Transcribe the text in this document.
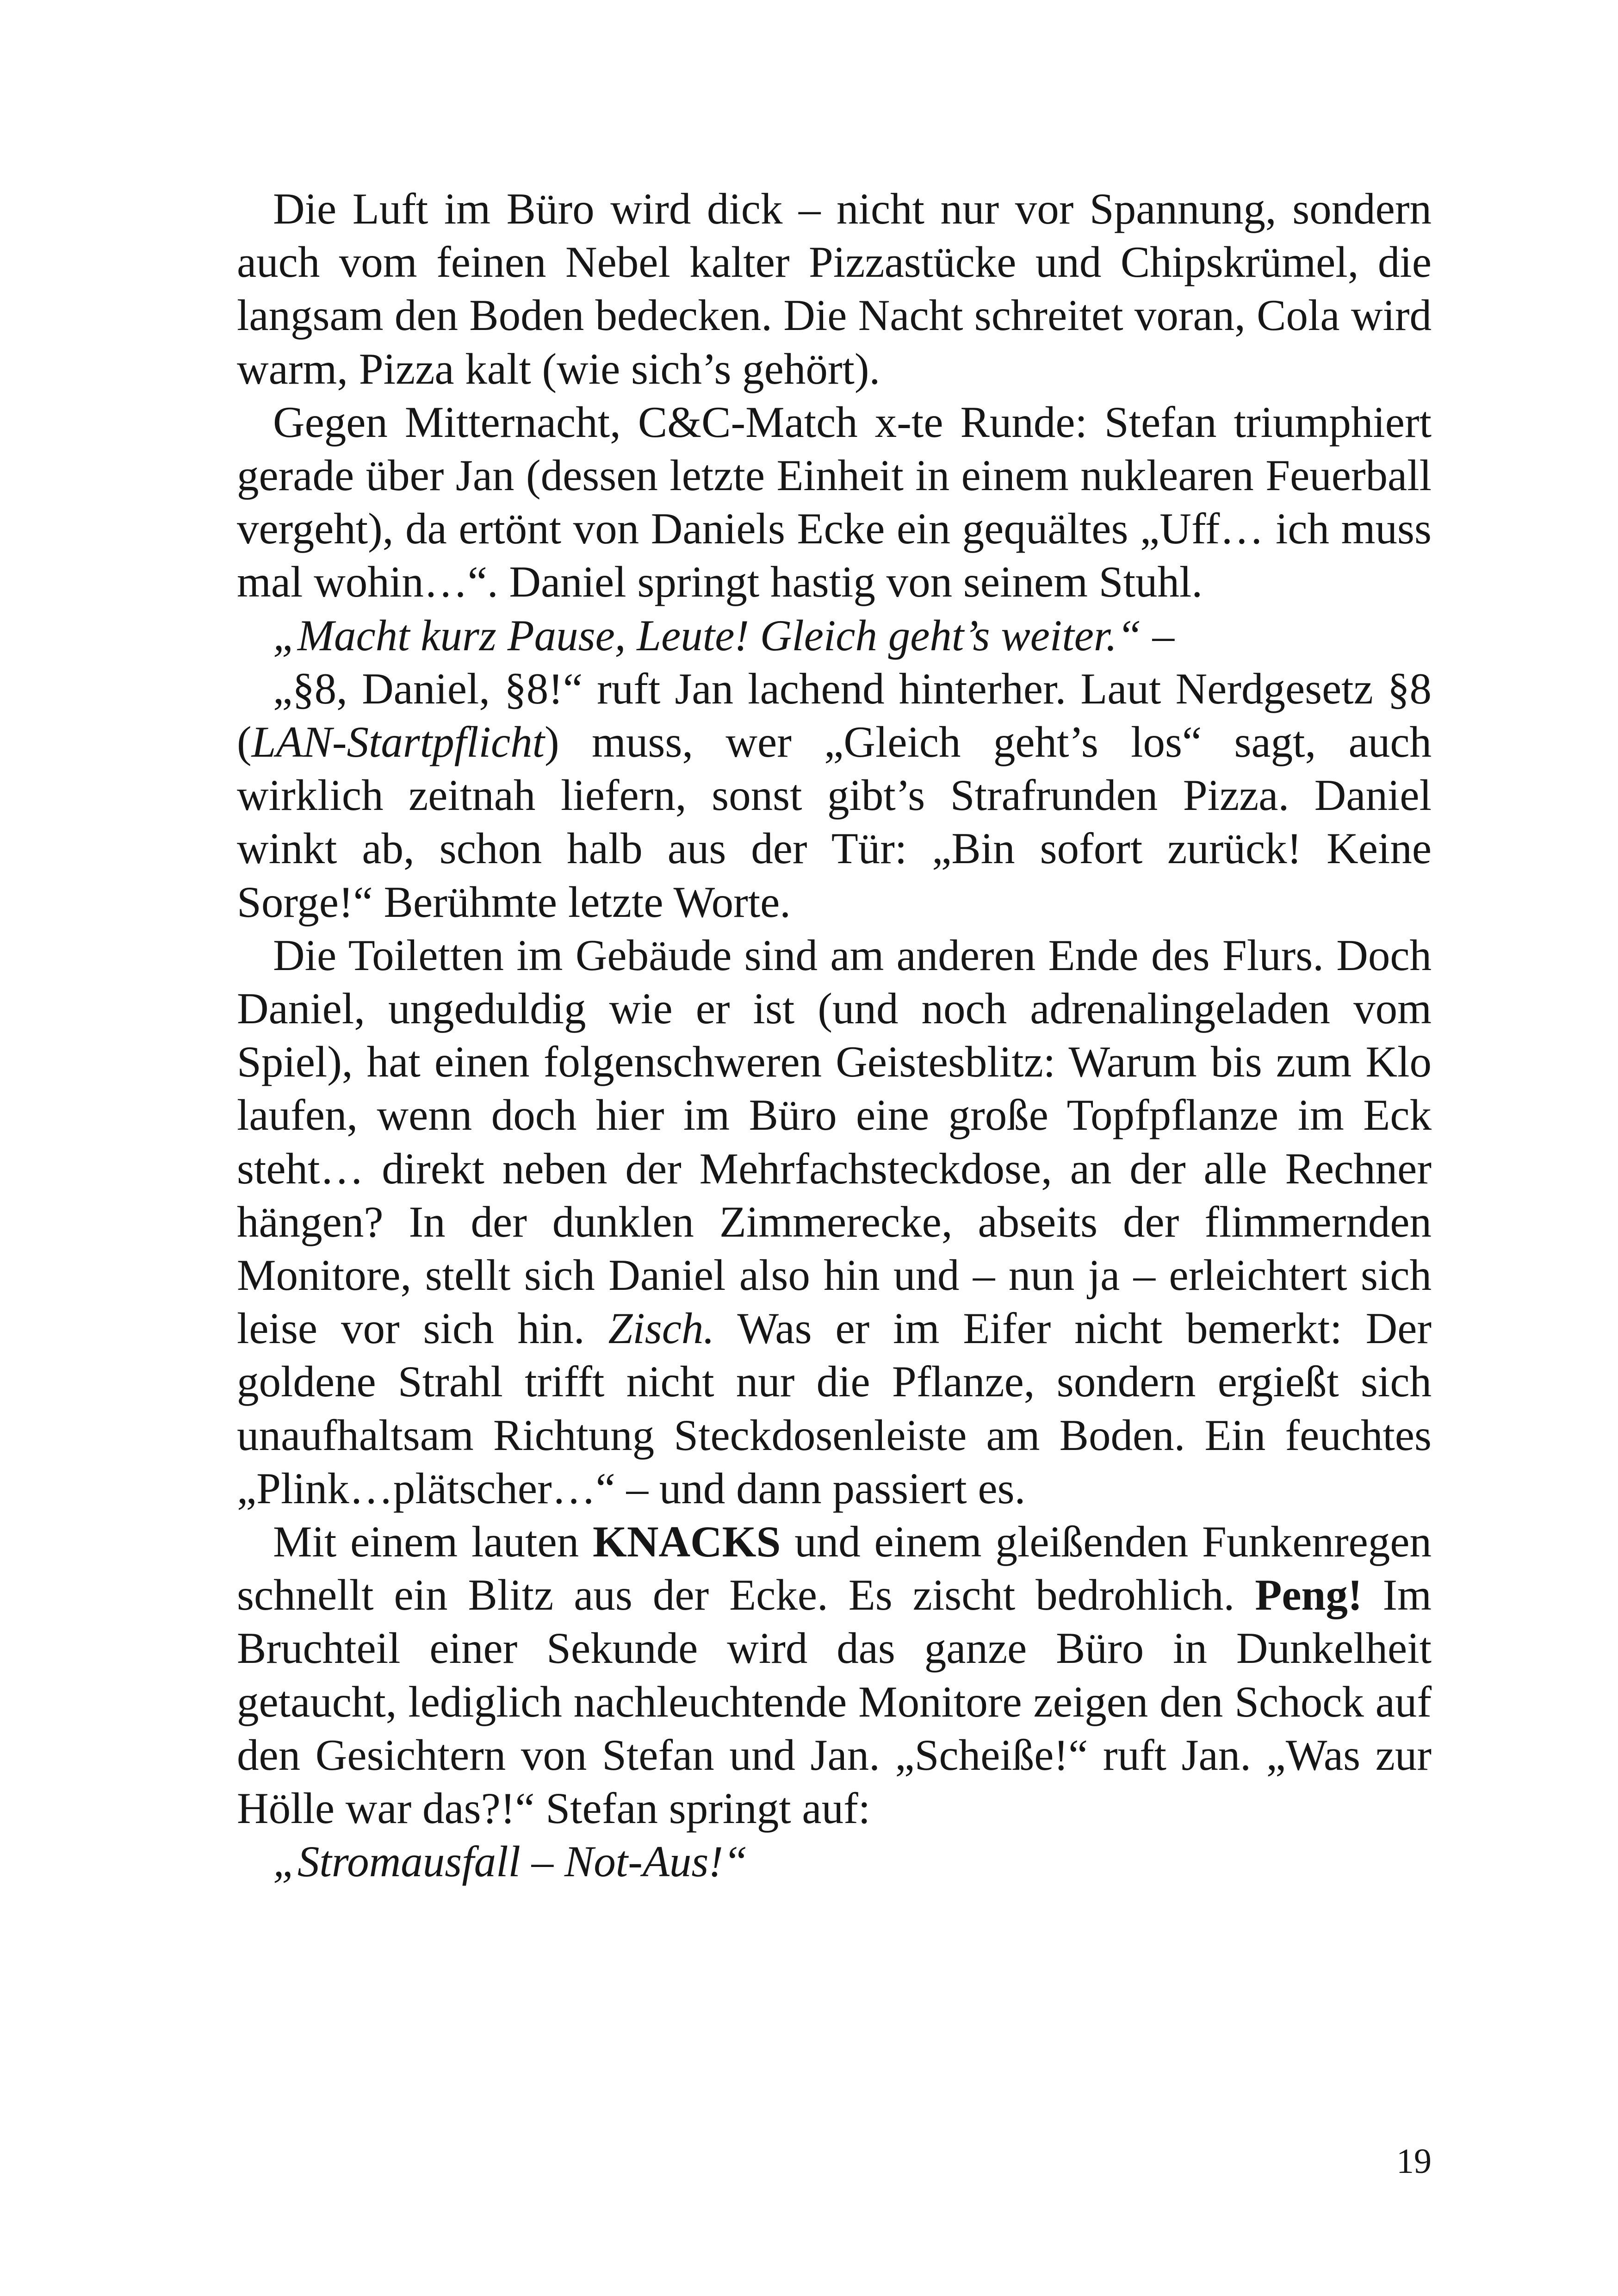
Die Luft im Büro wird dick – nicht nur vor Spannung, sondern auch vom feinen Nebel kalter Pizzastücke und Chipskrümel, die langsam den Boden bedecken. Die Nacht schreitet voran, Cola wird warm, Pizza kalt (wie sich’s gehört).

Gegen Mitternacht, C&C-Match x-te Runde: Stefan triumphiert gerade über Jan (dessen letzte Einheit in einem nuklearen Feuerball vergeht), da ertönt von Daniels Ecke ein gequältes „Uff… ich muss mal wohin…“. Daniel springt hastig von seinem Stuhl.

„Macht kurz Pause, Leute! Gleich geht’s weiter.“ –

„§8, Daniel, §8!“ ruft Jan lachend hinterher. Laut Nerdgesetz §8 (LAN-Startpflicht) muss, wer „Gleich geht’s los“ sagt, auch wirklich zeitnah liefern, sonst gibt’s Strafrunden Pizza. Daniel winkt ab, schon halb aus der Tür: „Bin sofort zurück! Keine Sorge!“ Berühmte letzte Worte.

Die Toiletten im Gebäude sind am anderen Ende des Flurs. Doch Daniel, ungeduldig wie er ist (und noch adrenalingeladen vom Spiel), hat einen folgenschweren Geistesblitz: Warum bis zum Klo laufen, wenn doch hier im Büro eine große Topfpflanze im Eck steht… direkt neben der Mehrfachsteckdose, an der alle Rechner hängen? In der dunklen Zimmerecke, abseits der flimmernden Monitore, stellt sich Daniel also hin und – nun ja – erleichtert sich leise vor sich hin. Zisch. Was er im Eifer nicht bemerkt: Der goldene Strahl trifft nicht nur die Pflanze, sondern ergießt sich unaufhaltsam Richtung Steckdosenleiste am Boden. Ein feuchtes „Plink…plätscher…“ – und dann passiert es.

Mit einem lauten KNACKS und einem gleißenden Funkenregen schnellt ein Blitz aus der Ecke. Es zischt bedrohlich. Peng! Im Bruchteil einer Sekunde wird das ganze Büro in Dunkelheit getaucht, lediglich nachleuchtende Monitore zeigen den Schock auf den Gesichtern von Stefan und Jan. „Scheiße!“ ruft Jan. „Was zur Hölle war das?!“ Stefan springt auf:

„Stromausfall – Not-Aus!“

19
